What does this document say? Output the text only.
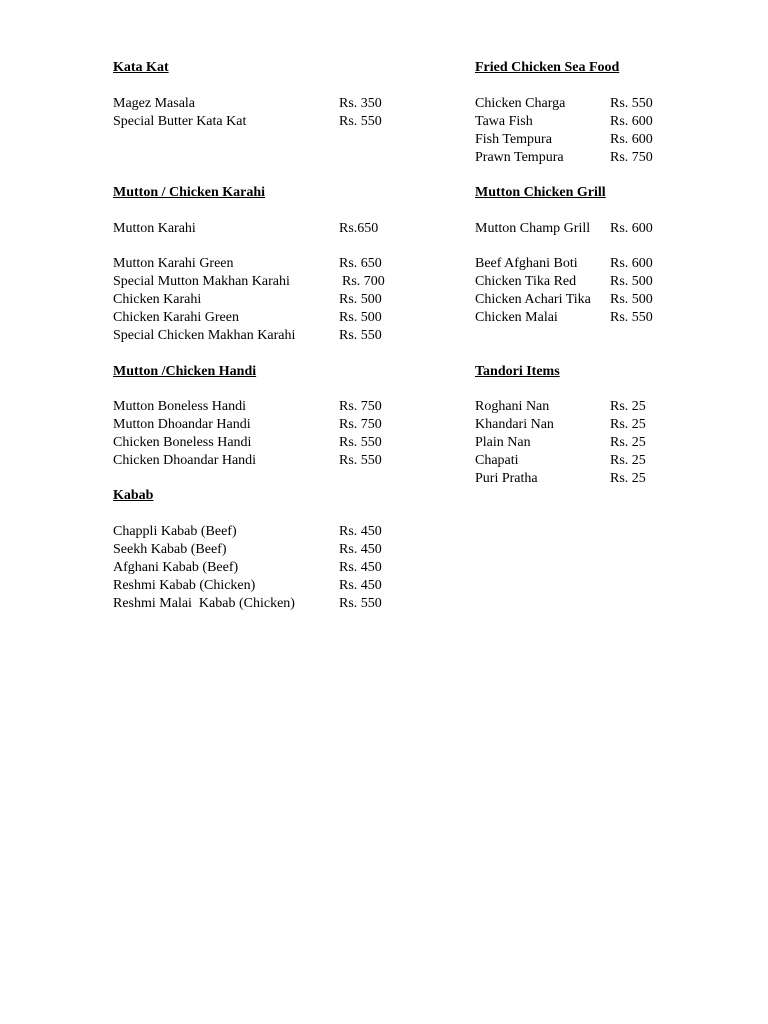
Kata Kat
Magez Masala	Rs. 350
Special Butter Kata Kat	Rs. 550
Mutton / Chicken Karahi
Mutton Karahi	Rs.650
Mutton Karahi Green	Rs. 650
Special Mutton Makhan Karahi	Rs. 700
Chicken Karahi	Rs. 500
Chicken Karahi Green	Rs. 500
Special Chicken Makhan Karahi	Rs. 550
Mutton /Chicken Handi
Mutton Boneless Handi	Rs. 750
Mutton Dhoandar Handi	Rs. 750
Chicken Boneless Handi	Rs. 550
Chicken Dhoandar Handi	Rs. 550
Kabab
Chappli Kabab (Beef)	Rs. 450
Seekh Kabab (Beef)	Rs. 450
Afghani Kabab (Beef)	Rs. 450
Reshmi Kabab (Chicken)	Rs. 450
Reshmi Malai  Kabab (Chicken)	Rs. 550
Fried Chicken Sea Food
Chicken Charga	Rs. 550
Tawa Fish	Rs. 600
Fish Tempura	Rs. 600
Prawn Tempura	Rs. 750
Mutton Chicken Grill
Mutton Champ Grill Rs. 600
Beef Afghani Boti Rs. 600
Chicken Tika Red Rs. 500
Chicken Achari Tika Rs. 500
Chicken Malai	Rs. 550
Tandori Items
Roghani Nan	Rs. 25
Khandari Nan	Rs. 25
Plain Nan	Rs. 25
Chapati	Rs. 25
Puri Pratha	Rs. 25
